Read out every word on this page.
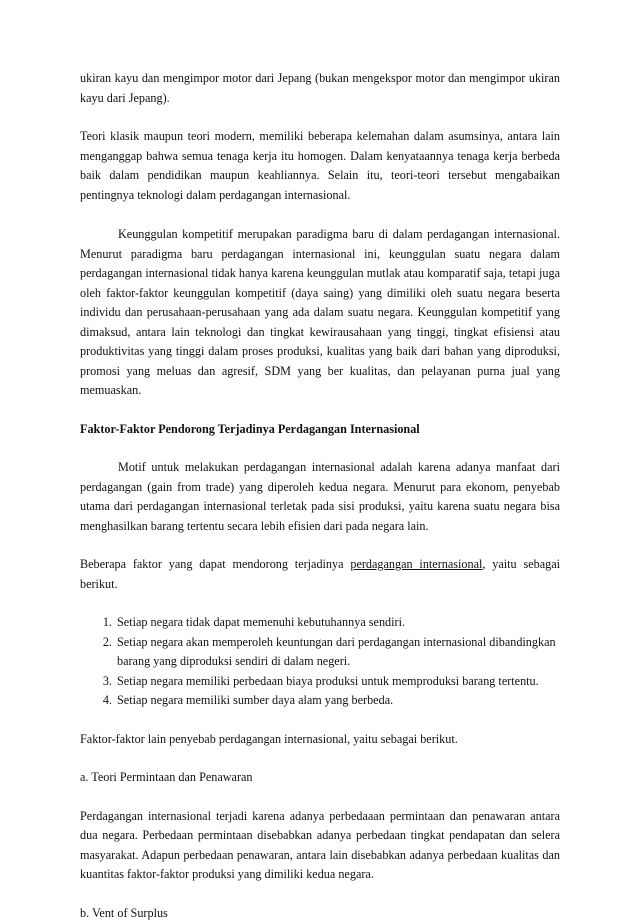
ukiran kayu dan mengimpor motor dari Jepang (bukan mengekspor motor dan mengimpor ukiran kayu dari Jepang).

Teori klasik maupun teori modern, memiliki beberapa kelemahan dalam asumsinya, antara lain menganggap bahwa semua tenaga kerja itu homogen. Dalam kenyataannya tenaga kerja berbeda baik dalam pendidikan maupun keahliannya. Selain itu, teori-teori tersebut mengabaikan pentingnya teknologi dalam perdagangan internasional.

Keunggulan kompetitif merupakan paradigma baru di dalam perdagangan internasional. Menurut paradigma baru perdagangan internasional ini, keunggulan suatu negara dalam perdagangan internasional tidak hanya karena keunggulan mutlak atau komparatif saja, tetapi juga oleh faktor-faktor keunggulan kompetitif (daya saing) yang dimiliki oleh suatu negara beserta individu dan perusahaan-perusahaan yang ada dalam suatu negara. Keunggulan kompetitif yang dimaksud, antara lain teknologi dan tingkat kewirausahaan yang tinggi, tingkat efisiensi atau produktivitas yang tinggi dalam proses produksi, kualitas yang baik dari bahan yang diproduksi, promosi yang meluas dan agresif, SDM yang ber kualitas, dan pelayanan purna jual yang memuaskan.

Faktor-Faktor Pendorong Terjadinya Perdagangan Internasional

Motif untuk melakukan perdagangan internasional adalah karena adanya manfaat dari perdagangan (gain from trade) yang diperoleh kedua negara. Menurut para ekonom, penyebab utama dari perdagangan internasional terletak pada sisi produksi, yaitu karena suatu negara bisa menghasilkan barang tertentu secara lebih efisien dari pada negara lain.

Beberapa faktor yang dapat mendorong terjadinya perdagangan internasional, yaitu sebagai berikut.

1. Setiap negara tidak dapat memenuhi kebutuhannya sendiri.
2. Setiap negara akan memperoleh keuntungan dari perdagangan internasional dibandingkan barang yang diproduksi sendiri di dalam negeri.
3. Setiap negara memiliki perbedaan biaya produksi untuk memproduksi barang tertentu.
4. Setiap negara memiliki sumber daya alam yang berbeda.

Faktor-faktor lain penyebab perdagangan internasional, yaitu sebagai berikut.

a. Teori Permintaan dan Penawaran

Perdagangan internasional terjadi karena adanya perbedaaan permintaan dan penawaran antara dua negara. Perbedaan permintaan disebabkan adanya perbedaan tingkat pendapatan dan selera masyarakat. Adapun perbedaan penawaran, antara lain disebabkan adanya perbedaan kualitas dan kuantitas faktor-faktor produksi yang dimiliki kedua negara.

b. Vent of Surplus
